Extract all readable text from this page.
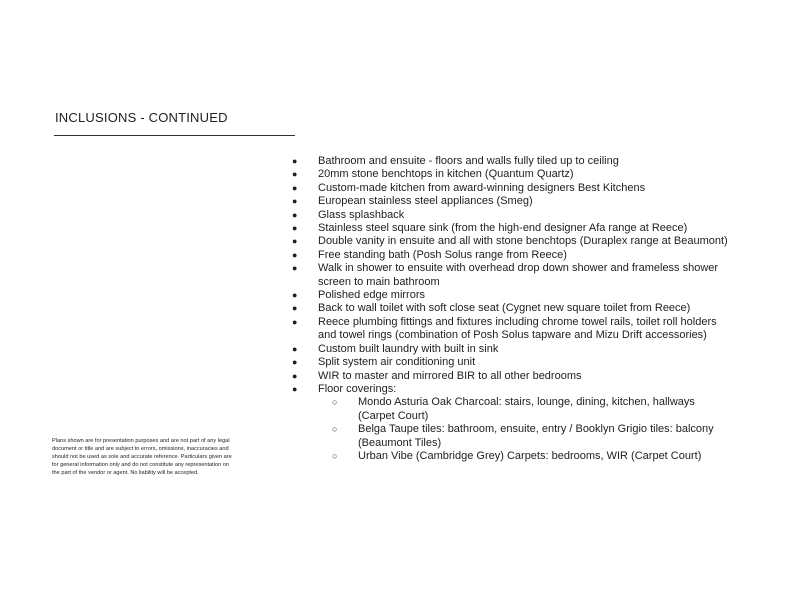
INCLUSIONS - CONTINUED
● Bathroom and ensuite - floors and walls fully tiled up to ceiling
● 20mm stone benchtops in kitchen (Quantum Quartz)
● Custom-made kitchen from award-winning designers Best Kitchens
● European stainless steel appliances (Smeg)
● Glass splashback
● Stainless steel square sink (from the high-end designer Afa range at Reece)
● Double vanity in ensuite and all with stone benchtops (Duraplex range at Beaumont)
● Free standing bath (Posh Solus range from Reece)
● Walk in shower to ensuite with overhead drop down shower and frameless shower screen to main bathroom
● Polished edge mirrors
● Back to wall toilet with soft close seat (Cygnet new square toilet from Reece)
● Reece plumbing fittings and fixtures including chrome towel rails, toilet roll holders and towel rings (combination of Posh Solus tapware and Mizu Drift accessories)
● Custom built laundry with built in sink
● Split system air conditioning unit
● WIR to master and mirrored BIR to all other bedrooms
● Floor coverings:
○ Mondo Asturia Oak Charcoal: stairs, lounge, dining, kitchen, hallways (Carpet Court)
○ Belga Taupe tiles: bathroom, ensuite, entry / Booklyn Grigio tiles: balcony (Beaumont Tiles)
○ Urban Vibe (Cambridge Grey) Carpets: bedrooms, WIR (Carpet Court)
Plans shown are for presentation purposes and are not part of any legal document or title and are subject to errors, omissions, inaccuracies and should not be used as sole and accurate reference. Particulars given are for general information only and do not constitute any representation on the part of the vendor or agent. No liability will be accepted.
